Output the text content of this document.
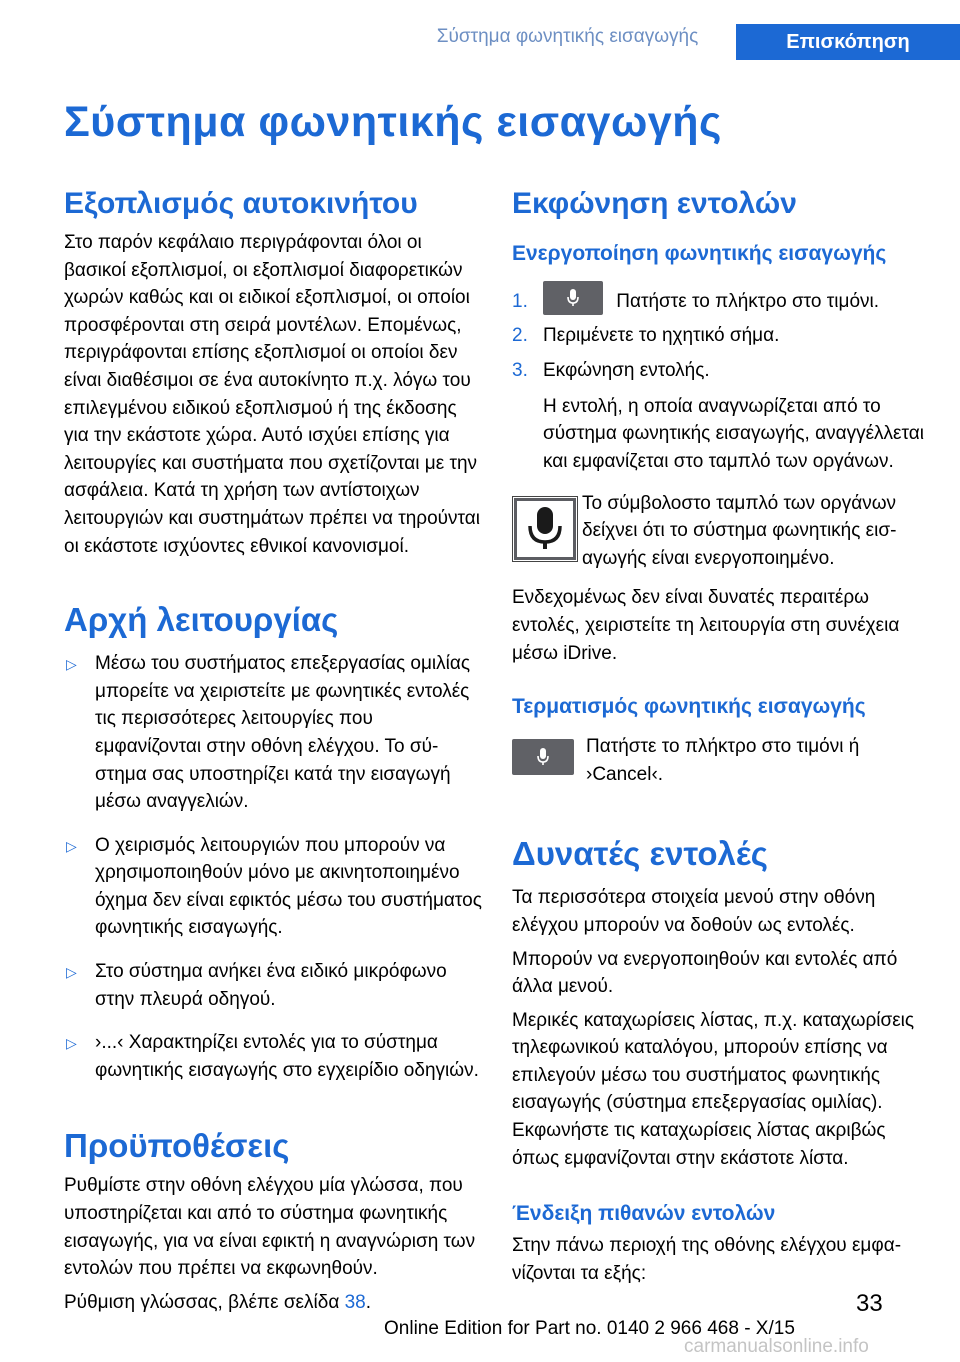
Σύστημα φωνητικής εισαγωγής	Επισκόπηση
Σύστημα φωνητικής εισαγωγής
Εξοπλισμός αυτοκινήτου

Στο παρόν κεφάλαιο περιγράφονται όλοι οι βασικοί εξοπλισμοί, οι εξοπλισμοί διαφορετικών χωρών καθώς και οι ειδικοί εξοπλισμοί, οι οποίοι προσφέρονται στη σειρά μοντέλων. Επομένως, περιγράφονται επίσης εξοπλισμοί οι οποίοι δεν είναι διαθέσιμοι σε ένα αυτοκίνητο π.χ. λόγω του επιλεγμένου ειδικού εξοπλισμού ή της έκδοσης για την εκάστοτε χώρα. Αυτό ισχύει επίσης για λειτουργίες και συστήματα που σχετίζονται με την ασφάλεια. Κατά τη χρήση των αντίστοιχων λειτουργιών και συστημάτων πρέπει να τηρούνται οι εκάστοτε ισχύοντες εθνικοί κανονισμοί.

Αρχή λειτουργίας
▷ Μέσω του συστήματος επεξεργασίας ομιλίας μπορείτε να χειριστείτε με φωνητικές εντολές τις περισσότερες λειτουργίες που εμφανίζονται στην οθόνη ελέγχου. Το σύστημα σας υποστηρίζει κατά την εισαγωγή μέσω αναγγελιών.
▷ Ο χειρισμός λειτουργιών που μπορούν να χρησιμοποιηθούν μόνο με ακινητοποιημένο όχημα δεν είναι εφικτός μέσω του συστήματος φωνητικής εισαγωγής.
▷ Στο σύστημα ανήκει ένα ειδικό μικρόφωνο στην πλευρά οδηγού.
▷ ›...‹ Χαρακτηρίζει εντολές για το σύστημα φωνητικής εισαγωγής στο εγχειρίδιο οδηγιών.
Προϋποθέσεις

Ρυθμίστε στην οθόνη ελέγχου μία γλώσσα, που υποστηρίζεται και από το σύστημα φωνητικής εισαγωγής, για να είναι εφικτή η αναγνώριση των εντολών που πρέπει να εκφωνηθούν.

Ρύθμιση γλώσσας, βλέπε σελίδα 38.

Εκφώνηση εντολών
Ενεργοποίηση φωνητικής εισαγωγής
1.	Πατήστε το πλήκτρο στο τιμόνι.
2. Περιμένετε το ηχητικό σήμα.
3. Εκφώνηση εντολής.

Η εντολή, η οποία αναγνωρίζεται από το σύστημα φωνητικής εισαγωγής, αναγγέλλεται και εμφανίζεται στο ταμπλό των οργάνων.

Το σύμβολοστο ταμπλό των οργάνων δείχνει ότι το σύστημα φωνητικής εισαγωγής είναι ενεργοποιημένο.

Ενδεχομένως δεν είναι δυνατές περαιτέρω εντολές, χειριστείτε τη λειτουργία στη συνέχεια μέσω iDrive.

Τερματισμός φωνητικής εισαγωγής

Πατήστε το πλήκτρο στο τιμόνι ή ›Cancel‹.

Δυνατές εντολές

Τα περισσότερα στοιχεία μενού στην οθόνη ελέγχου μπορούν να δοθούν ως εντολές.

Μπορούν να ενεργοποιηθούν και εντολές από άλλα μενού.

Μερικές καταχωρίσεις λίστας, π.χ. καταχωρίσεις τηλεφωνικού καταλόγου, μπορούν επίσης να επιλεγούν μέσω του συστήματος φωνητικής εισαγωγής (σύστημα επεξεργασίας ομιλίας). Εκφωνήστε τις καταχωρίσεις λίστας ακριβώς όπως εμφανίζονται στην εκάστοτε λίστα.

Ένδειξη πιθανών εντολών

Στην πάνω περιοχή της οθόνης ελέγχου εμφανίζονται τα εξής:

33
Online Edition for Part no. 0140 2 966 468 - X/15
carmanualsonline.info
